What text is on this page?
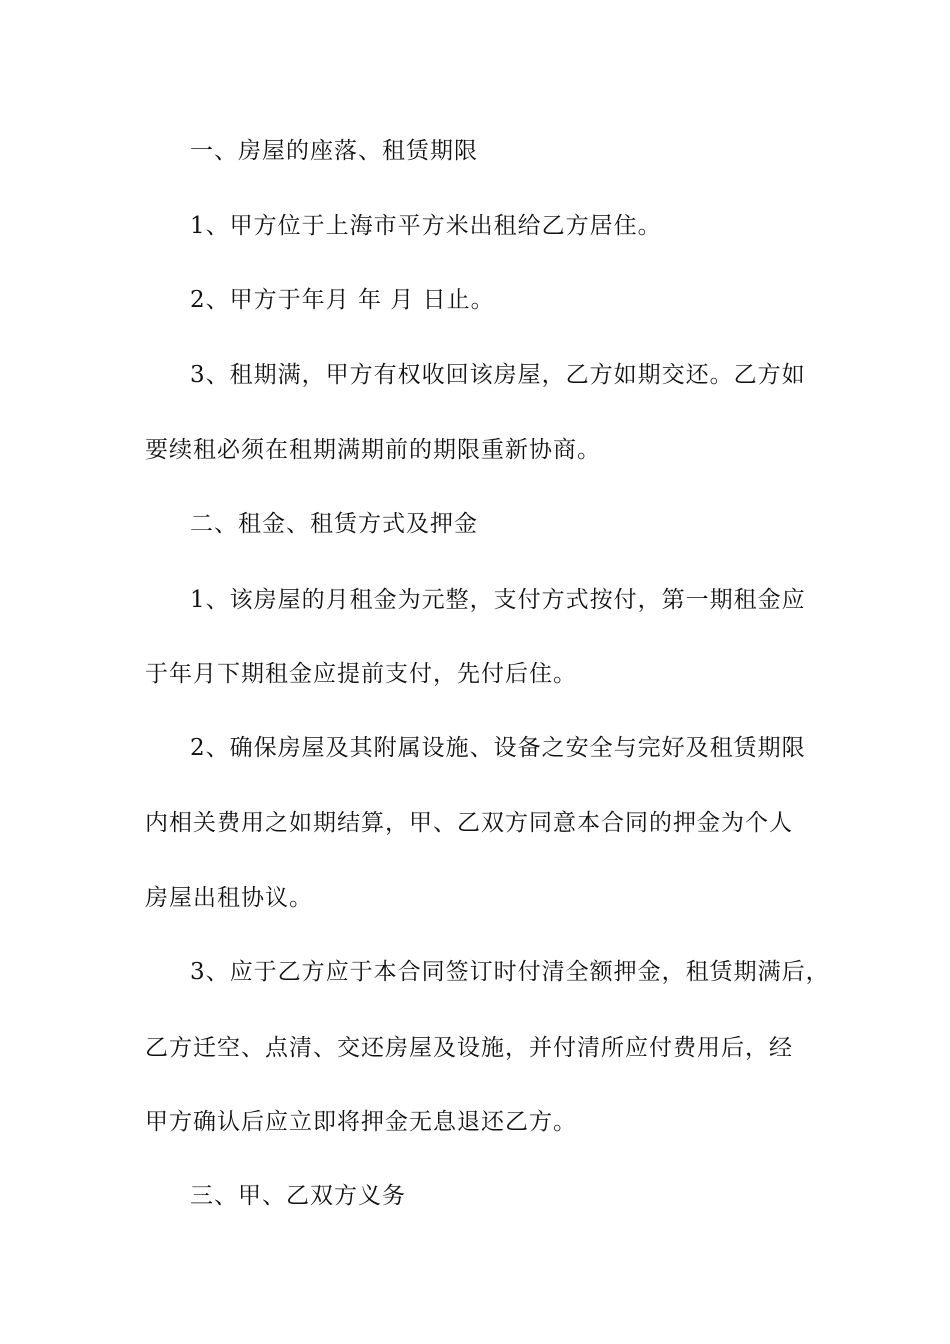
一、房屋的座落、租赁期限
1、甲方位于上海市平方米出租给乙方居住。
2、甲方于年月 年 月 日止。
3、租期满，甲方有权收回该房屋，乙方如期交还。乙方如
要续租必须在租期满期前的期限重新协商。
二、租金、租赁方式及押金
1、该房屋的月租金为元整，支付方式按付，第一期租金应
于年月下期租金应提前支付，先付后住。
2、确保房屋及其附属设施、设备之安全与完好及租赁期限
内相关费用之如期结算，甲、乙双方同意本合同的押金为个人
房屋出租协议。
3、应于乙方应于本合同签订时付清全额押金，租赁期满后，
乙方迁空、点清、交还房屋及设施，并付清所应付费用后，经
甲方确认后应立即将押金无息退还乙方。
三、甲、乙双方义务
